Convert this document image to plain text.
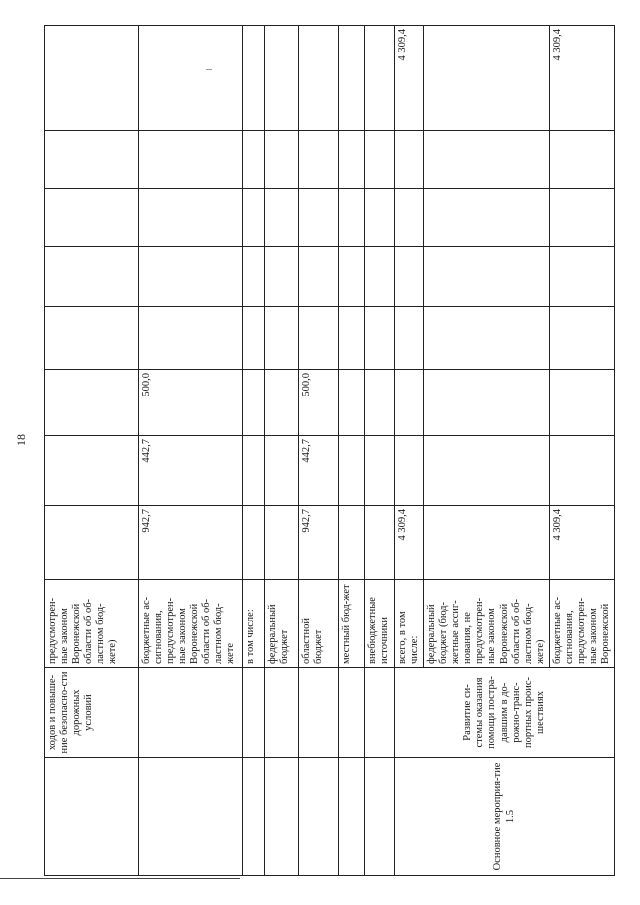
18
	ходов и повыше-ние безопасно-сти дорожных условий	предусмотрен-ные законом Воронежской области об об-ластном бюд-жете)								
		бюджетные ас-сигнования, предусмотрен-ные законом Воронежской области об об-ластном бюд-жете	942,7	442,7	500,0					
		в том числе:								
		федеральный бюджет								
		областной бюджет	942,7	442,7	500,0					
		местный бюд-жет								
		внебюджетные источники								
Основное мероприя-тие 1.5	Развитие си-стемы оказания помощи постра-давшим в до-рожно-транс-портных проис-шествиях	всего, в том числе:	4 309,4							4 309,4
		федеральный бюджет (бюд-жетные ассиг-нования, не предусмотрен-ные законом Воронежской области об об-ластном бюд-жете)								
		бюджетные ас-сигнования, предусмотрен-ные законом Воронежской	4 309,4							4 309,4
